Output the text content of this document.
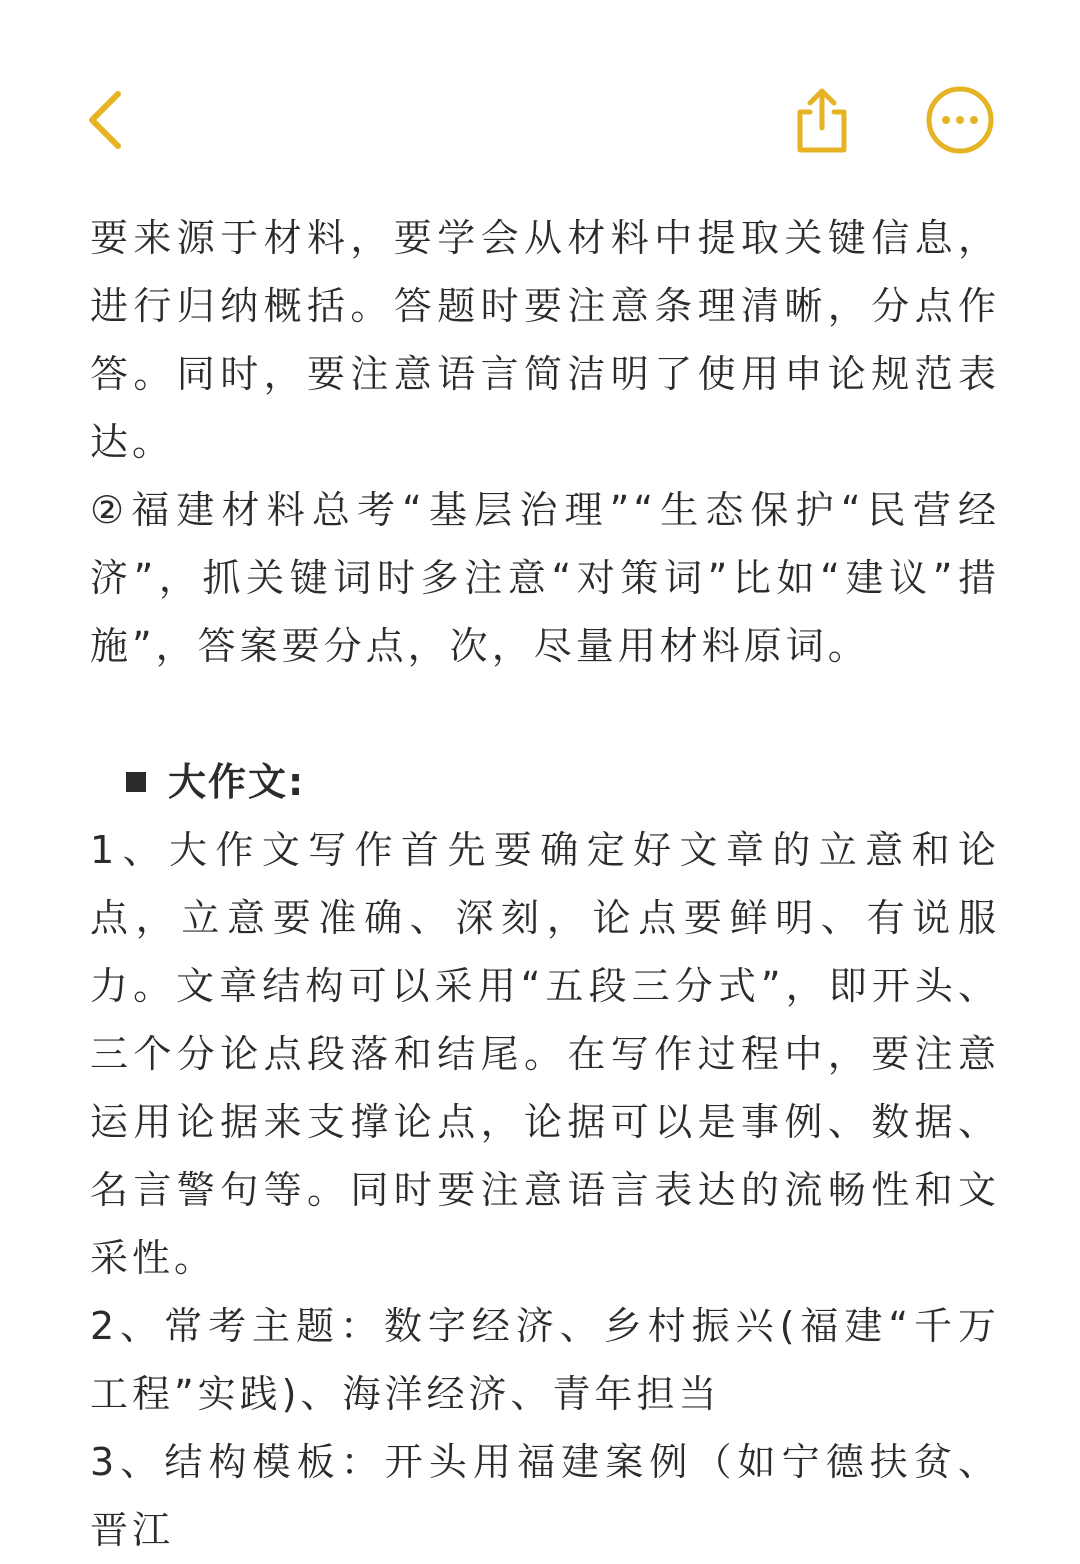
要来源于材料，要学会从材料中提取关键信息，进行归纳概括。答题时要注意条理清晰，分点作答。同时，要注意语言简洁明了使用申论规范表达。

②福建材料总考“基层治理”“生态保护“民营经济”，抓关键词时多注意“对策词”比如“建议”措施”，答案要分点，次，尽量用材料原词。

大作文:

1、大作文写作首先要确定好文章的立意和论点，立意要准确、深刻，论点要鲜明、有说服力。文章结构可以采用“五段三分式”，即开头、三个分论点段落和结尾。在写作过程中，要注意运用论据来支撑论点，论据可以是事例、数据、名言警句等。同时要注意语言表达的流畅性和文采性。

2、常考主题：数字经济、乡村振兴(福建“千万工程”实践)、海洋经济、青年担当

3、结构模板：开头用福建案例（如宁德扶贫、晋江
